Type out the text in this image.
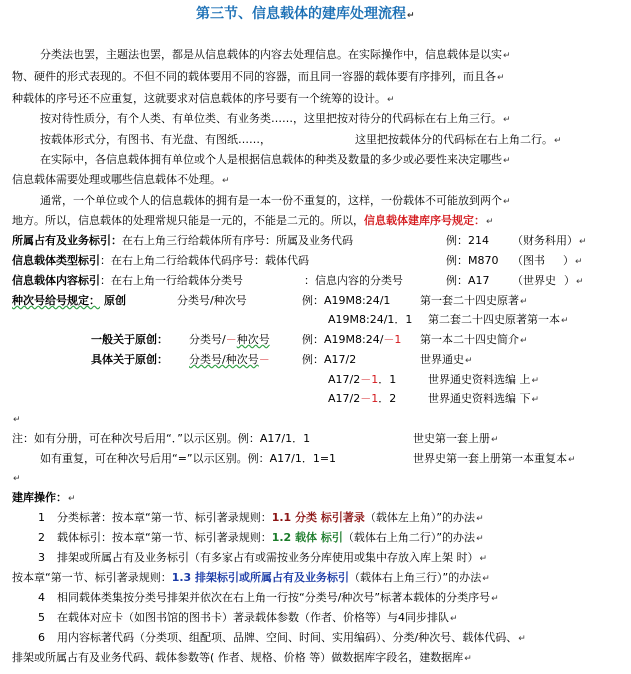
第三节、信息载体的建库处理流程↵
分类法也罢，主题法也罢，都是从信息载体的内容去处理信息。在实际操作中，信息载体是以实↵
物、硬件的形式表现的。不但不同的载体要用不同的容器，而且同一容器的载体要有序排列，而且各↵
种载体的序号还不应重复，这就要求对信息载体的序号要有一个统筹的设计。↵
按对待性质分，有个人类、有单位类、有业务类……，这里把按对待分的代码标在右上角三行。↵
按载体形式分，有图书、有光盘、有图纸……，	这里把按载体分的代码标在右上角二行。↵
在实际中，各信息载体拥有单位或个人是根据信息载体的种类及数量的多少或必要性来决定哪些↵
信息载体需要处理或哪些信息载体不处理。↵
通常，一个单位或个人的信息载体的拥有是一本一份不重复的，这样，一份载体不可能放到两个↵
地方。所以，信息载体的处理常规只能是一元的，不能是二元的。所以，信息载体建库序号规定：↵
所属占有及业务标引：在右上角三行给载体所有序号：所属及业务代码	例：214 （财务科用）↵
信息载体类型标引：在右上角二行给载体代码序号：载体代码	例：M870 （图书 ）↵
信息载体内容标引：在右上角一行给载体分类号	：信息内容的分类号	例：A17 （世界史 ）↵
种次号给号规定： 原创	分类号/种次号	例：A19M8:24/1	第一套二十四史原著↵
A19M8:24/1．1 第二套二十四史原著第一本↵
一般关于原创： 分类号/－种次号	例：A19M8:24/－1 第一本二十四史简介↵
具体关于原创： 分类号/种次号－	例：A17/2	世界通史↵
A17/2－1．1	世界通史资料选编 上↵
A17/2－1．2	世界通史资料选编 下↵
↵
注：如有分册，可在种次号后用“．”以示区别。例：A17/1．1	世史第一套上册↵
如有重复，可在种次号后用“=”以示区别。例：A17/1．1=1	世界史第一套上册第一本重复本↵
↵
建库操作：↵
1 分类标著：按本章“第一节、标引著录规则：1.1 分类 标引著录（载体左上角）”的办法↵
2 载体标引：按本章“第一节、标引著录规则：1.2 载体 标引（载体右上角二行）”的办法↵
3 排架或所属占有及业务标引（有多家占有或需按业务分库使用或集中存放入库上架 时）↵
按本章“第一节、标引著录规则：1.3 排架标引或所属占有及业务标引（载体右上角三行）”的办法↵
4 相同载体类集按分类号排架并依次在右上角一行按“分类号/种次号”标著本载体的分类序号↵
5 在载体对应卡（如图书馆的图书卡）著录载体参数（作者、价格等）与4同步排队↵
6 用内容标著代码（分类项、组配项、品牌、空间、时间、实用编码）、分类/种次号、载体代码、↵
排架或所属占有及业务代码、载体参数等( 作者、规格、价格 等）做数据库字段名，建数据库↵
